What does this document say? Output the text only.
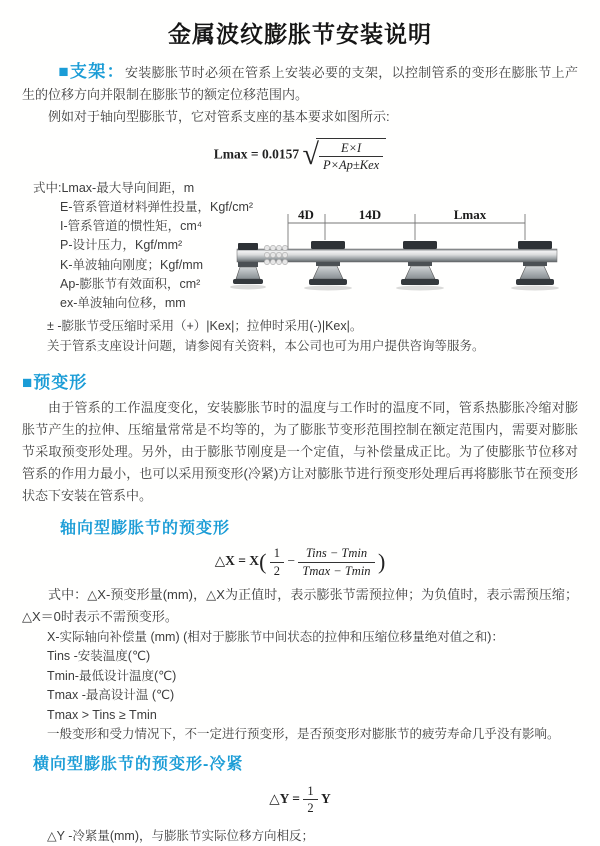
金属波纹膨胀节安装说明

■支架：安装膨胀节时必须在管系上安装必要的支架，以控制管系的变形在膨胀节上产生的位移方向并限制在膨胀节的额定位移范围内。

例如对于轴向型膨胀节，它对管系支座的基本要求如图所示:

Lmax = 0.0157 √ $\frac{E\times I}{\text{P×Ap±Kex}}$
式中:Lmax-最大导向间距，m
E-管系管道材料弹性投量，Kgf/cm²
I-管系管道的惯性矩，cm⁴
P-设计压力，Kgf/mm²
K-单波轴向刚度；Kgf/mm
Ap-膨胀节有效面积，cm²
ex-单波轴向位移，mm
4D	14D	Lmax

± -膨胀节受压缩时采用（+）|Kex|；拉伸时采用(-)|Kex|。

关于管系支座设计问题，请参阅有关资料，本公司也可为用户提供咨询等服务。

■预变形

由于管系的工作温度变化，安装膨胀节时的温度与工作时的温度不同，管系热膨胀冷缩对膨胀节产生的拉伸、压缩量常常是不均等的，为了膨胀节变形范围控制在额定范围内，需要对膨胀节采取预变形处理。另外，由于膨胀节刚度是一个定值，与补偿量成正比。为了使膨胀节位移对管系的作用力最小，也可以采用预变形(冷紧)方让对膨胀节进行预变形处理后再将膨胀节在预变形状态下安装在管系中。

轴向型膨胀节的预变形
△X = $X( \frac{1}{2} - \frac{\text{Tins − Tmin}}{Tmax - Tmin}$ )

式中：△X-预变形量(mm)，△X为正值时，表示膨张节需预拉伸；为负值时，表示需预压缩；△X＝0时表示不需预变形。

X-实际轴向补偿量 (mm) (相对于膨胀节中间状态的拉伸和压缩位移量绝对值之和)：

Tins -安装温度(℃)

Tmin-最低设计温度(℃)

Tmax -最高设计温 (℃)

Tmax > Tins ≥ Tmin

一般变形和受力情况下，不一定进行预变形，是否预变形对膨胀节的疲劳寿命几乎没有影响。

横向型膨胀节的预变形-冷紧
△Y = $\frac{1}{2}$ Y

△Y -冷紧量(mm)，与膨胀节实际位移方向相反；
